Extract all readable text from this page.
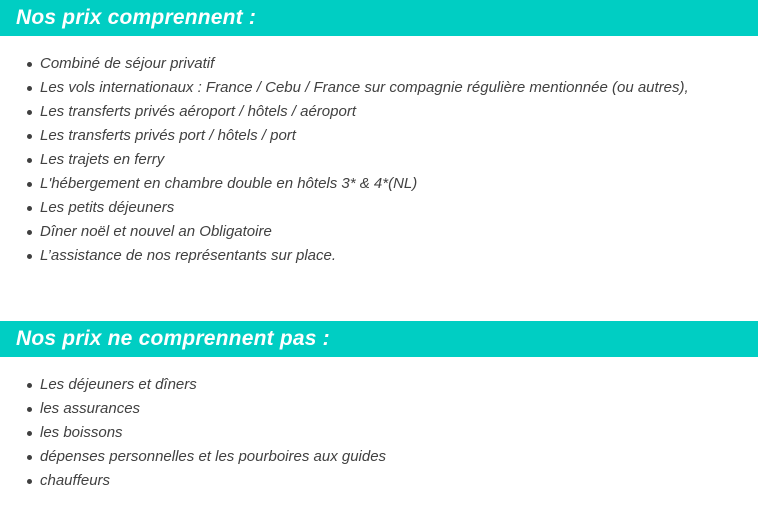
Nos prix comprennent :
Combiné de séjour privatif
Les vols internationaux : France / Cebu / France sur compagnie régulière mentionnée (ou autres),
Les transferts privés aéroport / hôtels / aéroport
Les transferts privés port / hôtels / port
Les trajets en ferry
L'hébergement en chambre double en hôtels 3* & 4*(NL)
Les petits déjeuners
Dîner noël et nouvel an Obligatoire
L’assistance de nos représentants sur place.
Nos prix ne comprennent pas :
Les déjeuners et dîners
les assurances
les boissons
dépenses personnelles et les pourboires aux guides
chauffeurs
